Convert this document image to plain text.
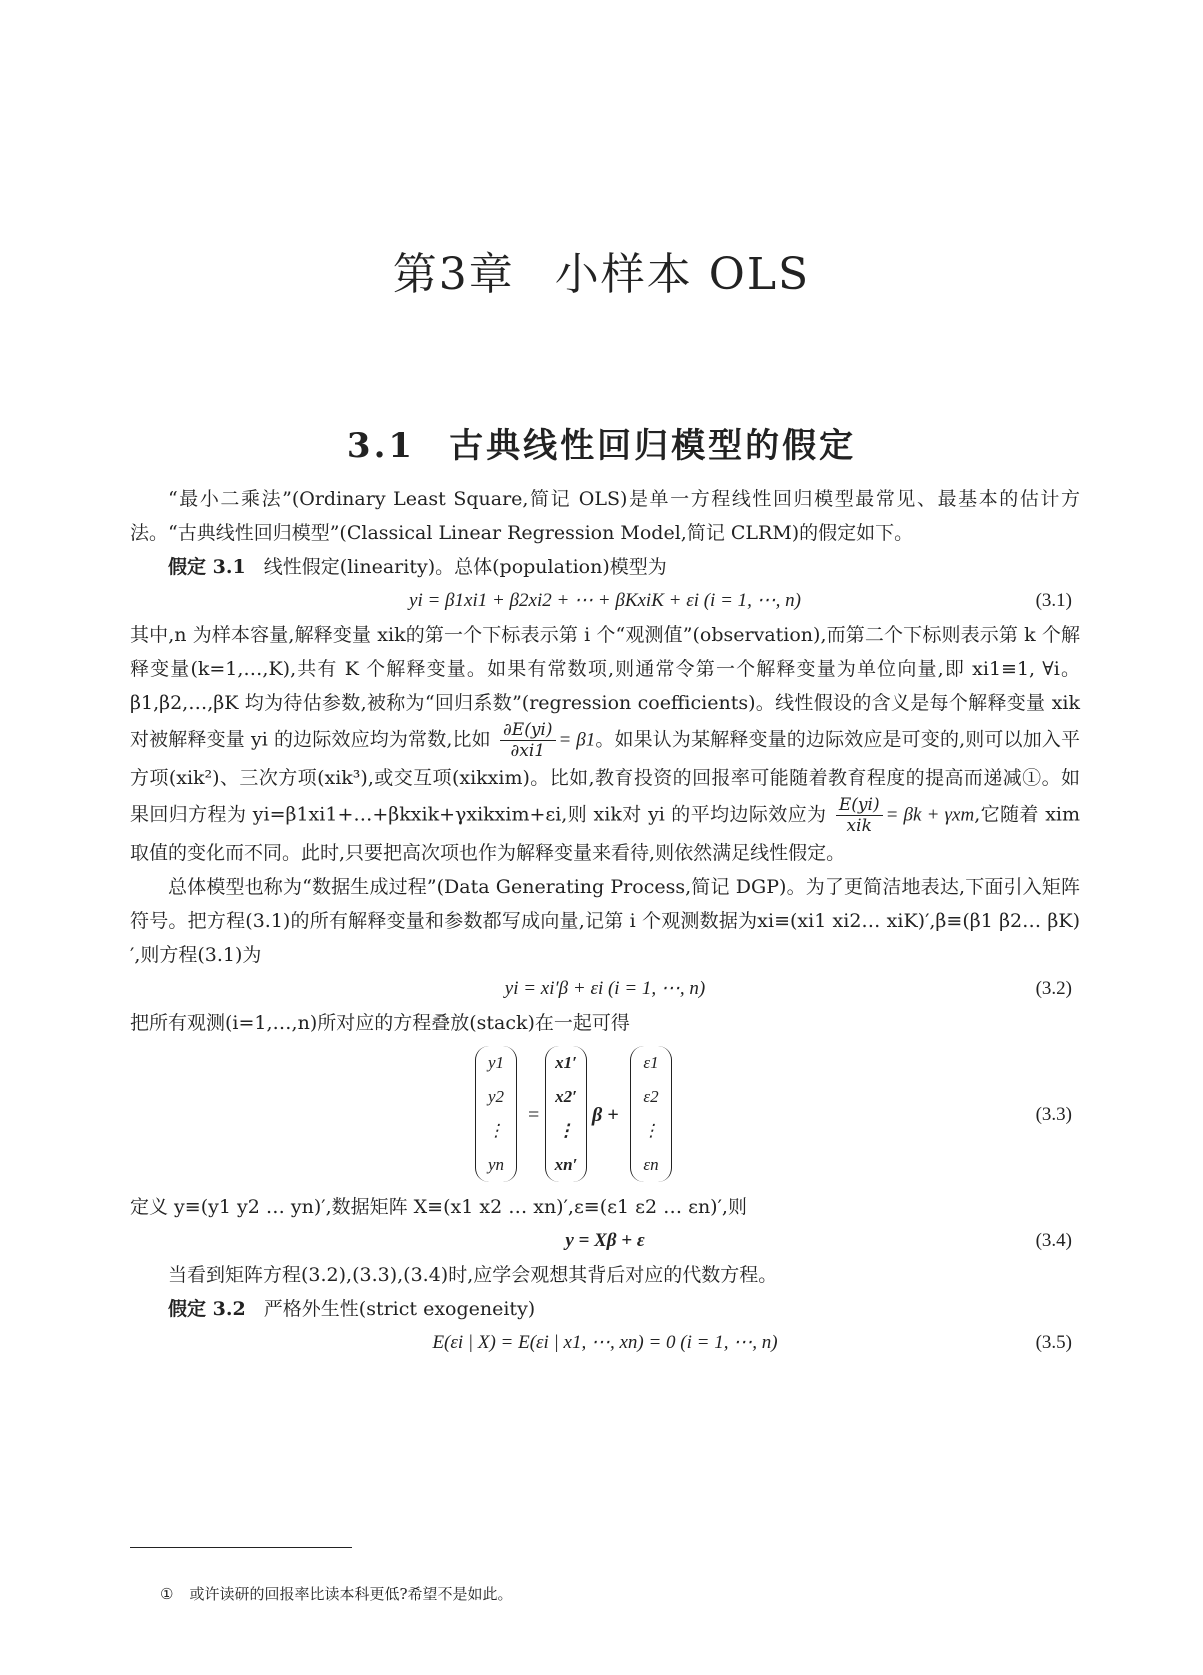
第3章 小样本 OLS
3.1 古典线性回归模型的假定

“最小二乘法”(Ordinary Least Square,简记 OLS)是单一方程线性回归模型最常见、最基本的估计方法。“古典线性回归模型”(Classical Linear Regression Model,简记 CLRM)的假定如下。

假定 3.1 线性假定(linearity)。总体(population)模型为

yi = β1xi1 + β2xi2 + ⋯ + βKxiK + εi (i = 1, ⋯, n)	(3.1)

其中,n 为样本容量,解释变量 xik的第一个下标表示第 i 个“观测值”(observation),而第二个下标则表示第 k 个解释变量(k=1,…,K),共有 K 个解释变量。如果有常数项,则通常令第一个解释变量为单位向量,即 xi1≡1, ∀i。β1,β2,…,βK 均为待估参数,被称为“回归系数”(regression coefficients)。线性假设的含义是每个解释变量 xik对被解释变量 yi 的边际效应均为常数,比如 $\frac{\partial E(yi)}{\partial xi1} = \beta 1$。如果认为某解释变量的边际效应是可变的,则可以加入平方项(xik²)、三次方项(xik³),或交互项(xikxim)。比如,教育投资的回报率可能随着教育程度的提高而递减①。如果回归方程为 yi=β1xi1+…+βkxik+γxikxim+εi,则 xik对 yi 的平均边际效应为 $\frac{E(yi)}{\text{xik}} = \beta k + \gamma xm$,它随着 xim取值的变化而不同。此时,只要把高次项也作为解释变量来看待,则依然满足线性假定。

总体模型也称为“数据生成过程”(Data Generating Process,简记 DGP)。为了更简洁地表达,下面引入矩阵符号。把方程(3.1)的所有解释变量和参数都写成向量,记第 i 个观测数据为xi≡(xi1 xi2… xiK)′,β≡(β1 β2… βK)′,则方程(3.1)为

yi = xi′β + εi (i = 1, ⋯, n)	(3.2)

把所有观测(i=1,…,n)所对应的方程叠放(stack)在一起可得

y1
y2
⋮
yn
=
x1′
x2′
⋮
xn′
β +
ε1
ε2
⋮
εn
(3.3)

定义 y≡(y1 y2 … yn)′,数据矩阵 X≡(x1 x2 … xn)′,ε≡(ε1 ε2 … εn)′,则

y = Xβ + ε	(3.4)

当看到矩阵方程(3.2),(3.3),(3.4)时,应学会观想其背后对应的代数方程。

假定 3.2 严格外生性(strict exogeneity)

E(εi | X) = E(εi | x1, ⋯, xn) = 0 (i = 1, ⋯, n)	(3.5)
① 或许读研的回报率比读本科更低?希望不是如此。
